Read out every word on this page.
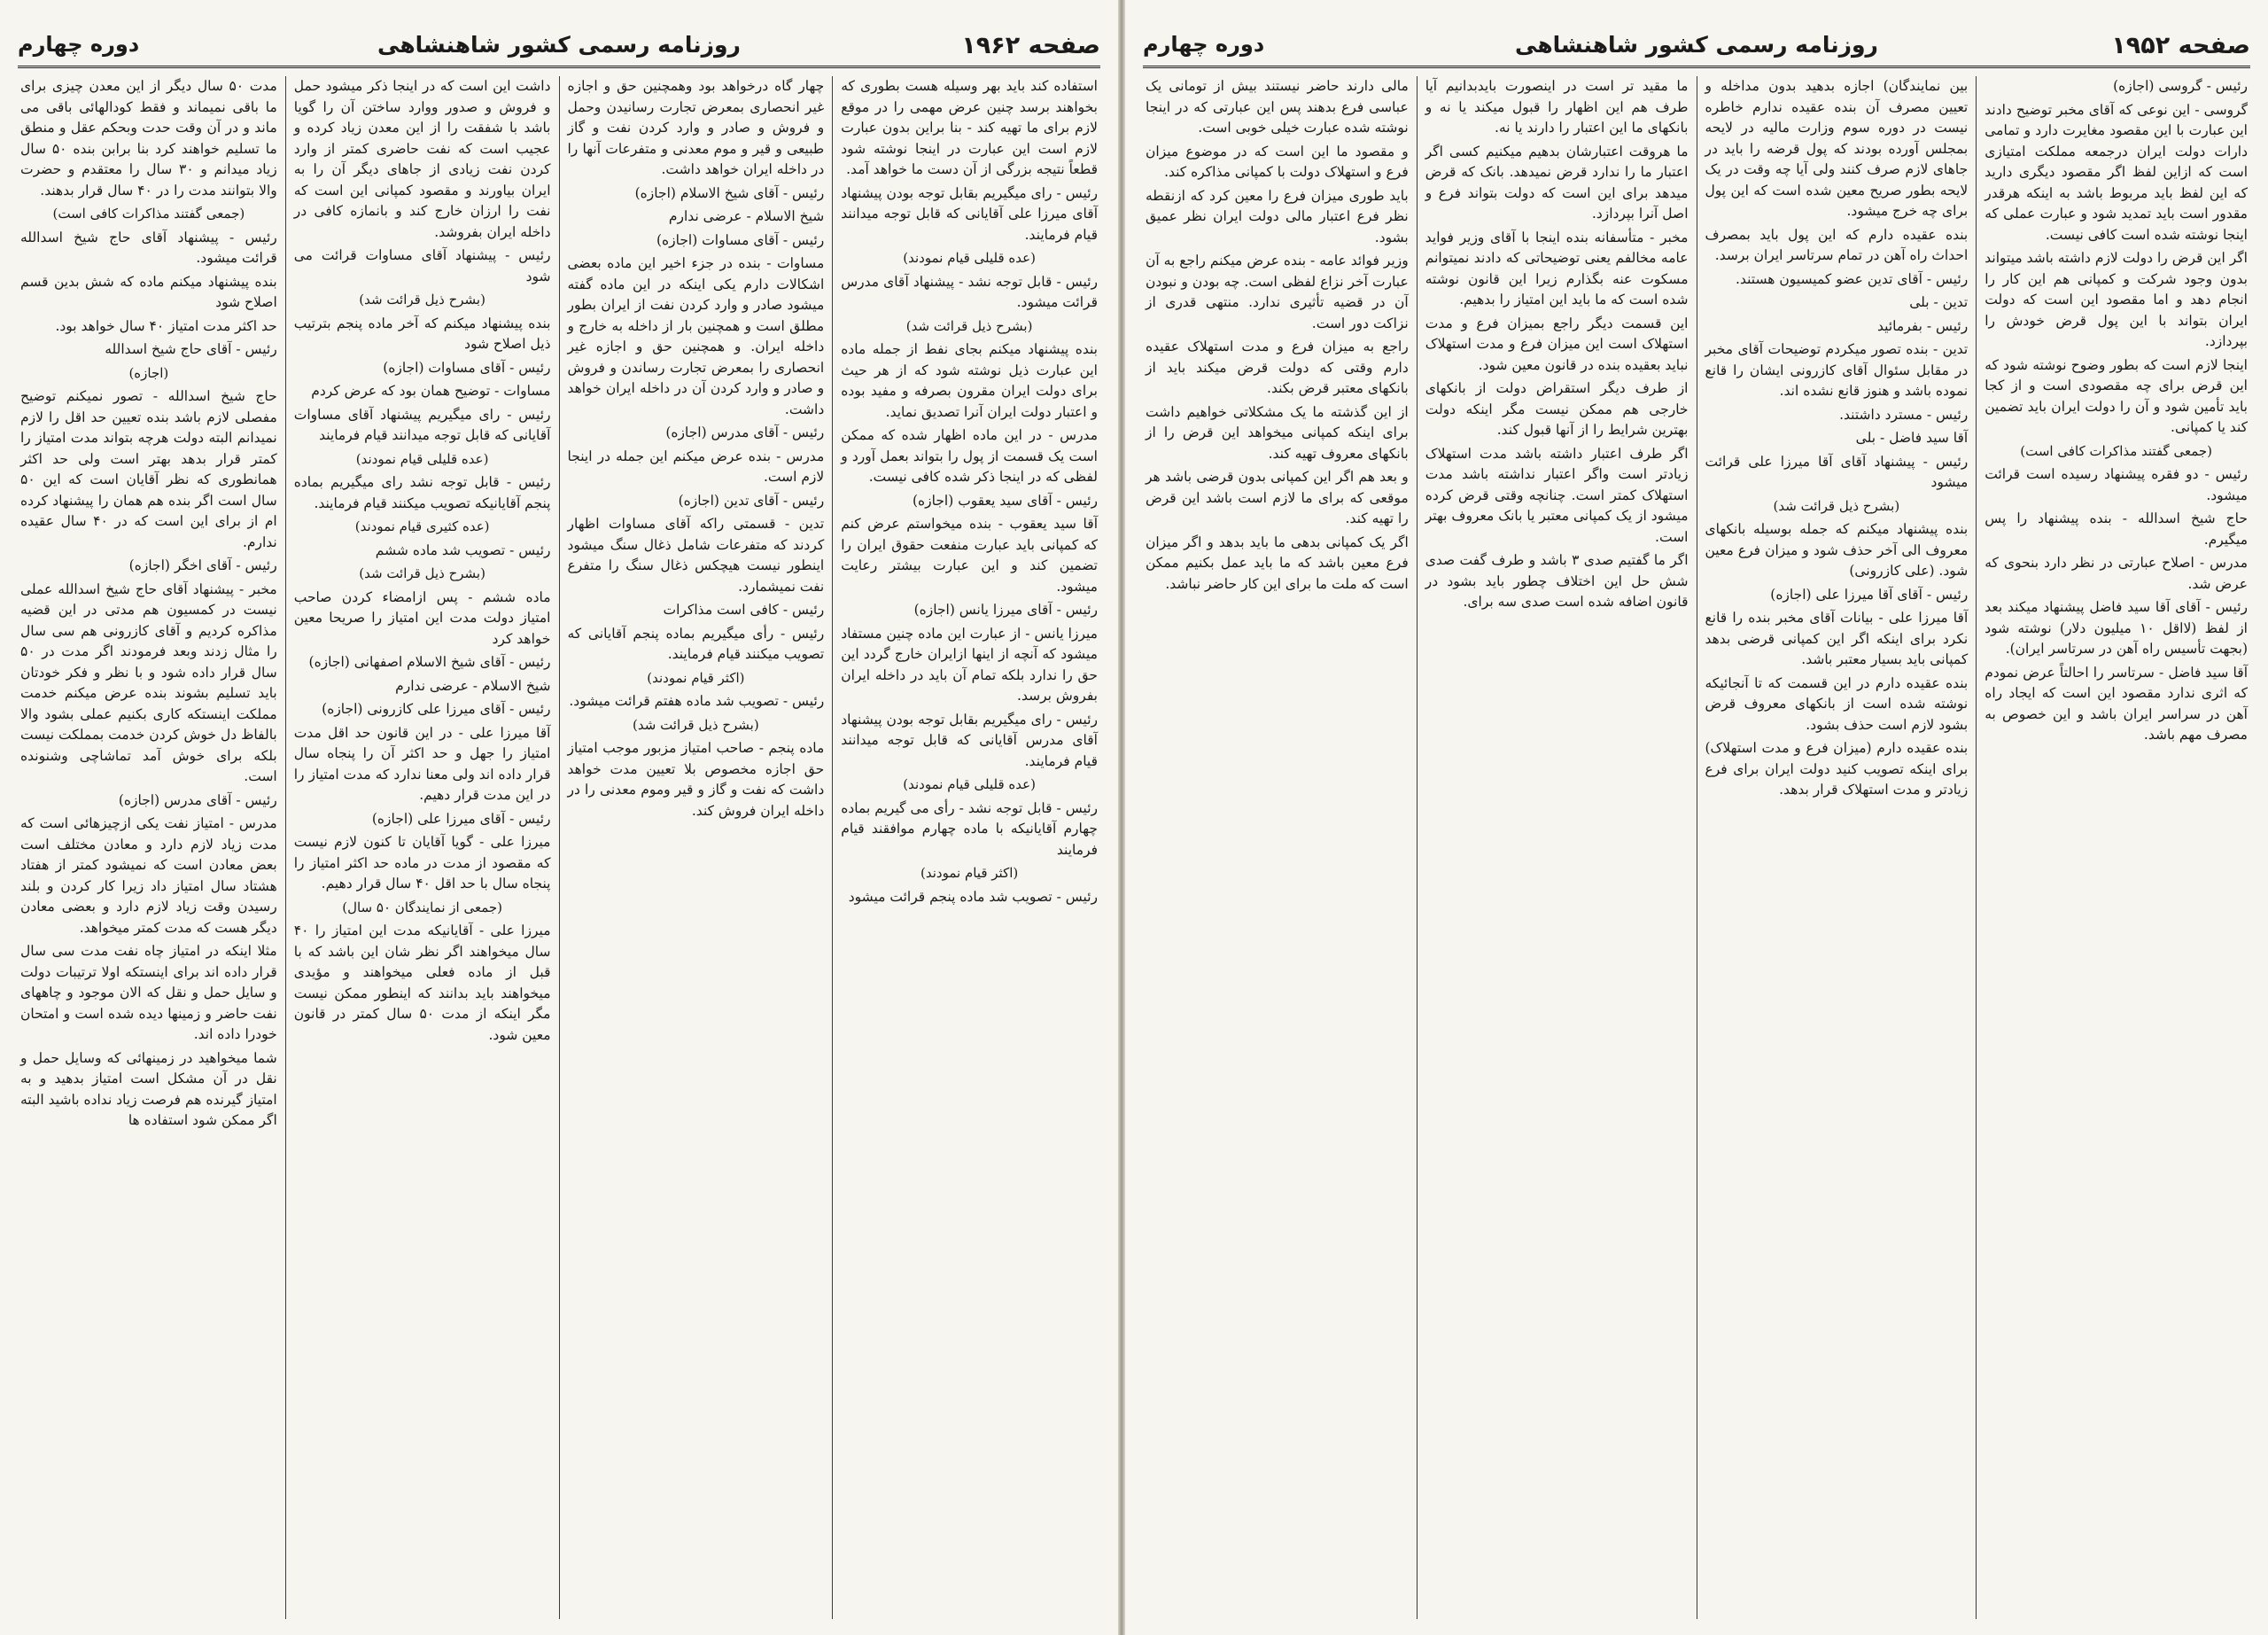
صفحه ۱۹۶۲
روزنامه رسمی کشور شاهنشاهی
دوره چهارم

استفاده کند باید بهر وسیله هست بطوری که بخواهند برسد چنین عرض مهمی را در موقع لازم برای ما تهیه کند - بنا براین بدون عبارت لازم است این عبارت در اینجا نوشته شود قطعاً نتیجه بزرگی از آن دست ما خواهد آمد.

رئیس - رای میگیریم بقابل توجه بودن پیشنهاد آقای میرزا علی آقایانی که قابل توجه میدانند قیام فرمایند.

(عده قلیلی قیام نمودند)

رئیس - قابل توجه نشد - پیشنهاد آقای مدرس قرائت میشود.

(بشرح ذیل قرائت شد)

بنده پیشنهاد میکنم بجای نفط از جمله ماده این عبارت ذیل نوشته شود که از هر حیث برای دولت ایران مقرون بصرفه و مفید بوده و اعتبار دولت ایران آنرا تصدیق نماید.

مدرس - در این ماده اظهار شده که ممکن است یک قسمت از پول را بتواند بعمل آورد و لفظی که در اینجا ذکر شده کافی نیست.

رئیس - آقای سید یعقوب (اجازه)

آقا سید یعقوب - بنده میخواستم عرض کنم که کمپانی باید عبارت منفعت حقوق ایران را تضمین کند و این عبارت بیشتر رعایت میشود.

رئیس - آقای میرزا یانس (اجازه)

میرزا یانس - از عبارت این ماده چنین مستفاد میشود که آنچه از اینها ازایران خارج گردد این حق را ندارد بلکه تمام آن باید در داخله ایران بفروش برسد.

رئیس - رای میگیریم بقابل توجه بودن پیشنهاد آقای مدرس آقایانی که قابل توجه میدانند قیام فرمایند.

(عده قلیلی قیام نمودند)

رئیس - قابل توجه نشد - رأی می گیریم بماده چهارم آقایانیکه با ماده چهارم موافقند قیام فرمایند

(اکثر قیام نمودند)

رئیس - تصویب شد ماده پنجم قرائت میشود

چهار گاه درخواهد بود وهمچنین حق و اجازه غیر انحصاری بمعرض تجارت رسانیدن وحمل و فروش و صادر و وارد کردن نفت و گاز طبیعی و قیر و موم معدنی و متفرعات آنها را در داخله ایران خواهد داشت.

رئیس - آقای شیخ الاسلام (اجازه)

شیخ الاسلام - عرضی ندارم

رئیس - آقای مساوات (اجازه)

مساوات - بنده در جزء اخیر این ماده بعضی اشکالات دارم یکی اینکه در این ماده گفته میشود صادر و وارد کردن نفت از ایران بطور مطلق است و همچنین بار از داخله به خارج و داخله ایران. و همچنین حق و اجازه غیر انحصاری را بمعرض تجارت رساندن و فروش و صادر و وارد کردن آن در داخله ایران خواهد داشت.

رئیس - آقای مدرس (اجازه)

مدرس - بنده عرض میکنم این جمله در اینجا لازم است.

رئیس - آقای تدین (اجازه)

تدین - قسمتی راکه آقای مساوات اظهار کردند که متفرعات شامل ذغال سنگ میشود اینطور نیست هیچکس ذغال سنگ را متفرع نفت نمیشمارد.

رئیس - کافی است مذاکرات

رئیس - رأی میگیریم بماده پنجم آقایانی که تصویب میکنند قیام فرمایند.

(اکثر قیام نمودند)

رئیس - تصویب شد ماده هفتم قرائت میشود.

(بشرح ذیل قرائت شد)

ماده پنجم - صاحب امتیاز مزبور موجب امتیاز حق اجازه مخصوص بلا تعیین مدت خواهد داشت که نفت و گاز و قیر وموم معدنی را در داخله ایران فروش کند.

داشت این است که در اینجا ذکر میشود حمل و فروش و صدور ووارد ساختن آن را گویا باشد با شفقت را از این معدن زیاد کرده و عجیب است که نفت حاضری کمتر از وارد کردن نفت زیادی از جاهای دیگر آن را به ایران بیاورند و مقصود کمپانی این است که نفت را ارزان خارج کند و بانمازه کافی در داخله ایران بفروشد.

رئیس - پیشنهاد آقای مساوات قرائت می شود

(بشرح ذیل قرائت شد)

بنده پیشنهاد میکنم که آخر ماده پنجم بترتیب ذیل اصلاح شود

رئیس - آقای مساوات (اجازه)

مساوات - توضیح همان بود که عرض کردم

رئیس - رای میگیریم پیشنهاد آقای مساوات آقایانی که قابل توجه میدانند قیام فرمایند

(عده قلیلی قیام نمودند)

رئیس - قابل توجه نشد رای میگیریم بماده پنجم آقایانیکه تصویب میکنند قیام فرمایند.

(عده کثیری قیام نمودند)

رئیس - تصویب شد ماده ششم

(بشرح ذیل قرائت شد)

ماده ششم - پس ازامضاء کردن صاحب امتیاز دولت مدت این امتیاز را صریحا معین خواهد کرد

رئیس - آقای شیخ الاسلام اصفهانی (اجازه)

شیخ الاسلام - عرضی ندارم

رئیس - آقای میرزا علی کازرونی (اجازه)

آقا میرزا علی - در این قانون حد اقل مدت امتیاز را جهل و حد اکثر آن را پنجاه سال قرار داده اند ولی معنا ندارد که مدت امتیاز را در این مدت قرار دهیم.

رئیس - آقای میرزا علی (اجازه)

میرزا علی - گویا آقایان تا کنون لازم نیست که مقصود از مدت در ماده حد اکثر امتیاز را پنجاه سال با حد اقل ۴۰ سال قرار دهیم.

(جمعی از نمایندگان ۵۰ سال)

میرزا علی - آقایانیکه مدت این امتیاز را ۴۰ سال میخواهند اگر نظر شان این باشد که با قبل از ماده فعلی میخواهند و مؤیدی میخواهند باید بدانند که اینطور ممکن نیست مگر اینکه از مدت ۵۰ سال کمتر در قانون معین شود.

مدت ۵۰ سال دیگر از این معدن چیزی برای ما باقی نمیماند و فقط کودالهائی باقی می ماند و در آن وقت حدت وبحکم عقل و منطق ما تسلیم خواهند کرد بنا برابن بنده ۵۰ سال زیاد میدانم و ۳۰ سال را معتقدم و حضرت والا بتوانند مدت را در ۴۰ سال قرار بدهند.

(جمعی گفتند مذاکرات کافی است)

رئیس - پیشنهاد آقای حاج شیخ اسدالله قرائت میشود.

بنده پیشنهاد میکنم ماده که شش بدین قسم اصلاح شود

حد اکثر مدت امتیاز ۴۰ سال خواهد بود.

رئیس - آقای حاج شیخ اسدالله

(اجازه)

حاج شیخ اسدالله - تصور نمیکنم توضیح مفصلی لازم باشد بنده تعیین حد اقل را لازم نمیدانم البته دولت هرچه بتواند مدت امتیاز را کمتر قرار بدهد بهتر است ولی حد اکثر همانطوری که نظر آقایان است که این ۵۰ سال است اگر بنده هم همان را پیشنهاد کرده ام از برای این است که در ۴۰ سال عقیده ندارم.

رئیس - آقای اخگر (اجازه)

مخبر - پیشنهاد آقای حاج شیخ اسدالله عملی نیست در کمسیون هم مدتی در این قضیه مذاکره کردیم و آقای کازرونی هم سی سال را مثال زدند وبعد فرمودند اگر مدت در ۵۰ سال قرار داده شود و با نظر و فکر خودتان باید تسلیم بشوند بنده عرض میکنم خدمت مملکت اینستکه کاری بکنیم عملی بشود والا بالفاظ دل خوش کردن خدمت بمملکت نیست بلکه برای خوش آمد تماشاچی وشنونده است.

رئیس - آقای مدرس (اجازه)

مدرس - امتیاز نفت یکی ازچیزهائی است که مدت زیاد لازم دارد و معادن مختلف است بعض معادن است که نمیشود کمتر از هفتاد هشتاد سال امتیاز داد زیرا کار کردن و بلند رسیدن وقت زیاد لازم دارد و بعضی معادن دیگر هست که مدت کمتر میخواهد.

مثلا اینکه در امتیاز چاه نفت مدت سی سال قرار داده اند برای اینستکه اولا ترتیبات دولت و سایل حمل و نقل که الان موجود و چاههای نفت حاضر و زمینها دیده شده است و امتحان خودرا داده اند.

شما میخواهید در زمینهائی که وسایل حمل و نقل در آن مشکل است امتیاز بدهید و به امتیاز گیرنده هم فرصت زیاد نداده باشید البته اگر ممکن شود استفاده ها

صفحه ۱۹۵۲
روزنامه رسمی کشور شاهنشاهی
دوره چهارم

رئیس - گروسی (اجازه)

گروسی - این نوعی که آقای مخبر توضیح دادند این عبارت با این مقصود مغایرت دارد و تمامی دارات دولت ایران درجمعه مملکت امتیازی است که ازاین لفظ اگر مقصود دیگری دارید که این لفظ باید مربوط باشد به اینکه هرقدر مقدور است باید تمدید شود و عبارت عملی که اینجا نوشته شده است کافی نیست.

اگر این قرض را دولت لازم داشته باشد میتواند بدون وجود شرکت و کمپانی هم این کار را انجام دهد و اما مقصود این است که دولت ایران بتواند با این پول قرض خودش را بپردازد.

اینجا لازم است که بطور وضوح نوشته شود که این قرض برای چه مقصودی است و از کجا باید تأمین شود و آن را دولت ایران باید تضمین کند یا کمپانی.

(جمعی گفتند مذاکرات کافی است)

رئیس - دو فقره پیشنهاد رسیده است قرائت میشود.

حاج شیخ اسدالله - بنده پیشنهاد را پس میگیرم.

مدرس - اصلاح عبارتی در نظر دارد بنحوی که عرض شد.

رئیس - آقای آقا سید فاضل پیشنهاد میکند بعد از لفظ (لااقل ۱۰ میلیون دلار) نوشته شود (بجهت تأسیس راه آهن در سرتاسر ایران).

آقا سید فاضل - سرتاسر را احالتاً عرض نمودم که اثری ندارد مقصود این است که ایجاد راه آهن در سراسر ایران باشد و این خصوص به مصرف مهم باشد.

بین نمایندگان) اجازه بدهید بدون مداخله و تعیین مصرف آن بنده عقیده ندارم خاطره نیست در دوره سوم وزارت مالیه در لایحه بمجلس آورده بودند که پول قرضه را باید در جاهای لازم صرف کنند ولی آیا چه وقت در یک لایحه بطور صریح معین شده است که این پول برای چه خرج میشود.

بنده عقیده دارم که این پول باید بمصرف احداث راه آهن در تمام سرتاسر ایران برسد.

رئیس - آقای تدین عضو کمیسیون هستند.

تدین - بلی

رئیس - بفرمائید

تدین - بنده تصور میکردم توضیحات آقای مخبر در مقابل سئوال آقای کازرونی ایشان را قانع نموده باشد و هنوز قانع نشده اند.

رئیس - مسترد داشتند.

آقا سید فاضل - بلی

رئیس - پیشنهاد آقای آقا میرزا علی قرائت میشود

(بشرح ذیل قرائت شد)

بنده پیشنهاد میکنم که جمله بوسیله بانکهای معروف الی آخر حذف شود و میزان فرع معین شود. (علی کازرونی)

رئیس - آقای آقا میرزا علی (اجازه)

آقا میرزا علی - بیانات آقای مخبر بنده را قانع نکرد برای اینکه اگر این کمپانی قرضی بدهد کمپانی باید بسیار معتبر باشد.

بنده عقیده دارم در این قسمت که تا آنجائیکه نوشته شده است از بانکهای معروف قرض بشود لازم است حذف بشود.

بنده عقیده دارم (میزان فرع و مدت استهلاک) برای اینکه تصویب کنید دولت ایران برای فرع زیادتر و مدت استهلاک قرار بدهد.

ما مقید تر است در اینصورت بایدبدانیم آیا طرف هم این اظهار را قبول میکند یا نه و بانکهای ما این اعتبار را دارند یا نه.

ما هروقت اعتبارشان بدهیم میکنیم کسی اگر اعتبار ما را ندارد قرض نمیدهد. بانک که قرض میدهد برای این است که دولت بتواند فرع و اصل آنرا بپردازد.

مخبر - متأسفانه بنده اینجا با آقای وزیر فواید عامه مخالفم یعنی توضیحاتی که دادند نمیتوانم مسکوت عنه بگذارم زیرا این قانون نوشته شده است که ما باید این امتیاز را بدهیم.

این قسمت دیگر راجع بمیزان فرع و مدت استهلاک است این میزان فرع و مدت استهلاک نباید بعقیده بنده در قانون معین شود.

از طرف دیگر استقراض دولت از بانکهای خارجی هم ممکن نیست مگر اینکه دولت بهترین شرایط را از آنها قبول کند.

اگر طرف اعتبار داشته باشد مدت استهلاک زیادتر است واگر اعتبار نداشته باشد مدت استهلاک کمتر است. چنانچه وقتی قرض کرده میشود از یک کمپانی معتبر یا بانک معروف بهتر است.

اگر ما گفتیم صدی ۳ باشد و طرف گفت صدی شش حل این اختلاف چطور باید بشود در قانون اضافه شده است صدی سه برای.

مالی دارند حاضر نیستند بیش از تومانی یک عباسی فرع بدهند پس این عبارتی که در اینجا نوشته شده عبارت خیلی خوبی است.

و مقصود ما این است که در موضوع میزان فرع و استهلاک دولت با کمپانی مذاکره کند.

باید طوری میزان فرع را معین کرد که ازنقطه نظر فرع اعتبار مالی دولت ایران نظر عمیق بشود.

وزیر فوائد عامه - بنده عرض میکنم راجع به آن عبارت آخر نزاع لفظی است. چه بودن و نبودن آن در قضیه تأثیری ندارد. منتهی قدری از نزاکت دور است.

راجع به میزان فرع و مدت استهلاک عقیده دارم وقتی که دولت قرض میکند باید از بانکهای معتبر قرض بکند.

از این گذشته ما یک مشکلاتی خواهیم داشت برای اینکه کمپانی میخواهد این قرض را از بانکهای معروف تهیه کند.

و بعد هم اگر این کمپانی بدون قرضی باشد هر موقعی که برای ما لازم است باشد این قرض را تهیه کند.

اگر یک کمپانی بدهی ما باید بدهد و اگر میزان فرع معین باشد که ما باید عمل بکنیم ممکن است که ملت ما برای این کار حاضر نباشد.
